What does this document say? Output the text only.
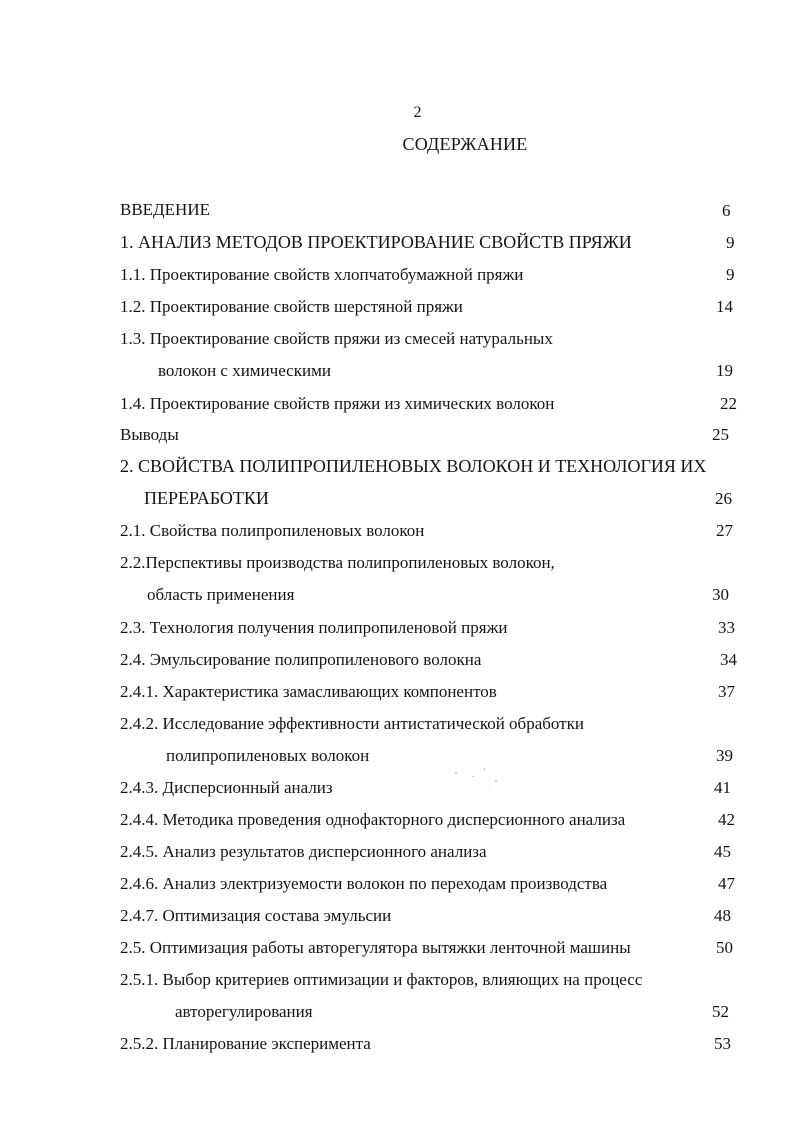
2
СОДЕРЖАНИЕ
ВВЕДЕНИЕ	6
1. АНАЛИЗ МЕТОДОВ ПРОЕКТИРОВАНИЕ СВОЙСТВ ПРЯЖИ	9
1.1. Проектирование свойств хлопчатобумажной пряжи	9
1.2. Проектирование свойств шерстяной пряжи	14
1.3. Проектирование свойств пряжи из смесей натуральных
волокон с химическими	19
1.4. Проектирование свойств пряжи из химических волокон	22
Выводы	25
2. СВОЙСТВА ПОЛИПРОПИЛЕНОВЫХ ВОЛОКОН И ТЕХНОЛОГИЯ ИХ
ПЕРЕРАБОТКИ	26
2.1. Свойства полипропиленовых волокон	27
2.2.Перспективы производства полипропиленовых волокон,
область применения	30
2.3. Технология получения полипропиленовой пряжи	33
2.4. Эмульсирование полипропиленового волокна	34
2.4.1. Характеристика замасливающих компонентов	37
2.4.2. Исследование эффективности антистатической обработки
полипропиленовых волокон	39
2.4.3. Дисперсионный анализ	41
2.4.4. Методика проведения однофакторного дисперсионного анализа	42
2.4.5. Анализ результатов дисперсионного анализа	45
2.4.6. Анализ электризуемости волокон по переходам производства	47
2.4.7. Оптимизация состава эмульсии	48
2.5. Оптимизация работы авторегулятора вытяжки ленточной машины	50
2.5.1. Выбор критериев оптимизации и факторов, влияющих на процесс
авторегулирования	52
2.5.2. Планирование эксперимента	53
